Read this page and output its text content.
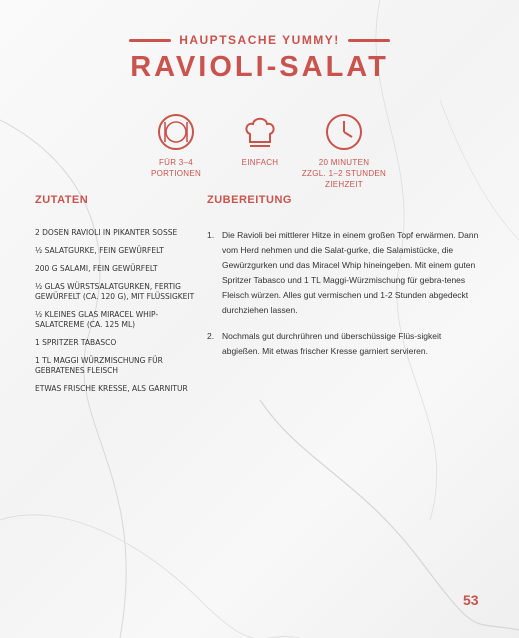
HAUPTSACHE YUMMY!
RAVIOLI-SALAT
FÜR 3–4 PORTIONEN
EINFACH	20 MINUTEN
ZZGL. 1–2 STUNDEN ZIEHZEIT
ZUTATEN	ZUBEREITUNG
2 DOSEN RAVIOLI IN PIKANTER SOSSE
½ SALATGURKE, FEIN GEWÜRFELT
200 G SALAMI, FEIN GEWÜRFELT
½ GLAS WÜRSTSALATGURKEN, FERTIG GEWÜRFELT (CA. 120 G), MIT FLÜSSIGKEIT
½ KLEINES GLAS MIRACEL WHIP-SALATCREME (CA. 125 ML)
1 SPRITZER TABASCO
1 TL MAGGI WÜRZMISCHUNG FÜR GEBRATENES FLEISCH
ETWAS FRISCHE KRESSE, ALS GARNITUR
1. Die Ravioli bei mittlerer Hitze in einem großen Topf erwärmen. Dann vom Herd nehmen und die Salat-gurke, die Salamistücke, die Gewürzgurken und das Miracel Whip hineingeben. Mit einem guten Spritzer Tabasco und 1 TL Maggi-Würzmischung für gebra-tenes Fleisch würzen. Alles gut vermischen und 1-2 Stunden abgedeckt durchziehen lassen.
2. Nochmals gut durchrühren und überschüssige Flüs-sigkeit abgießen. Mit etwas frischer Kresse garniert servieren.
53
